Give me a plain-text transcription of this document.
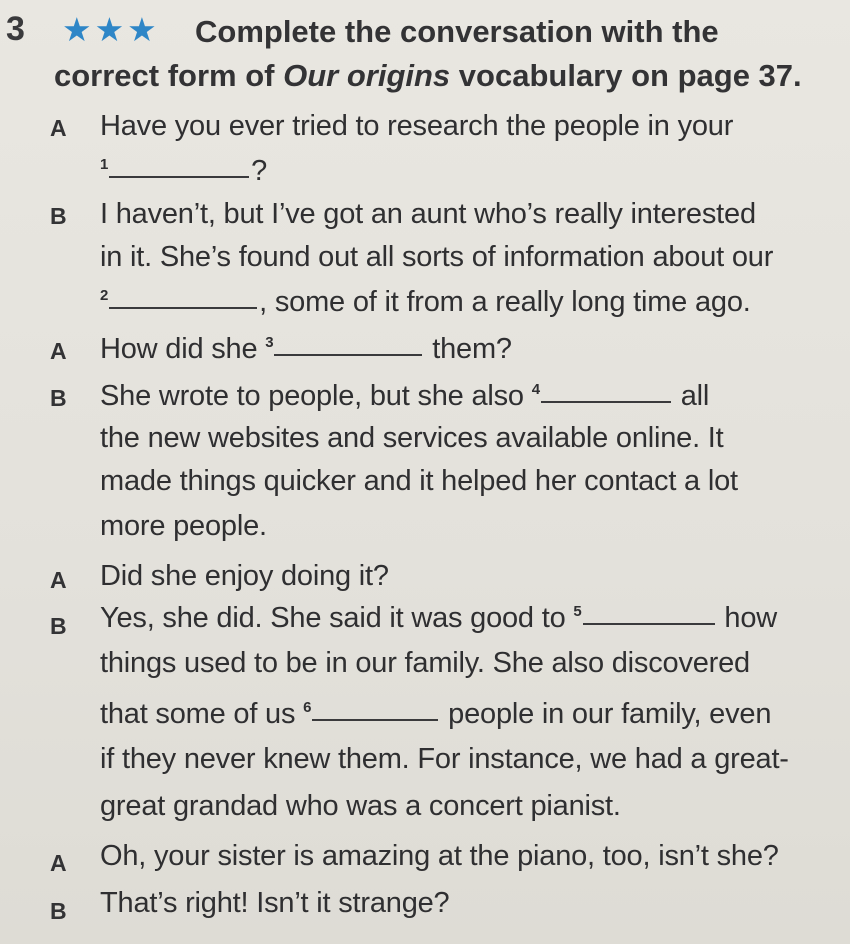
3 ★★★ Complete the conversation with the
correct form of Our origins vocabulary on page 37.
A Have you ever tried to research the people in your
$^1$	?
B I haven’t, but I’ve got an aunt who’s really interested
in it. She’s found out all sorts of information about our
$^2$	, some of it from a really long time ago.
A How did she $^3$	them?
B She wrote to people, but she also $^4$	all
the new websites and services available online. It
made things quicker and it helped her contact a lot
more people.
A Did she enjoy doing it?
B Yes, she did. She said it was good to $^5$	how
things used to be in our family. She also discovered
that some of us $^6$	people in our family, even
if they never knew them. For instance, we had a great-
great grandad who was a concert pianist.
A Oh, your sister is amazing at the piano, too, isn’t she?
B That’s right! Isn’t it strange?
